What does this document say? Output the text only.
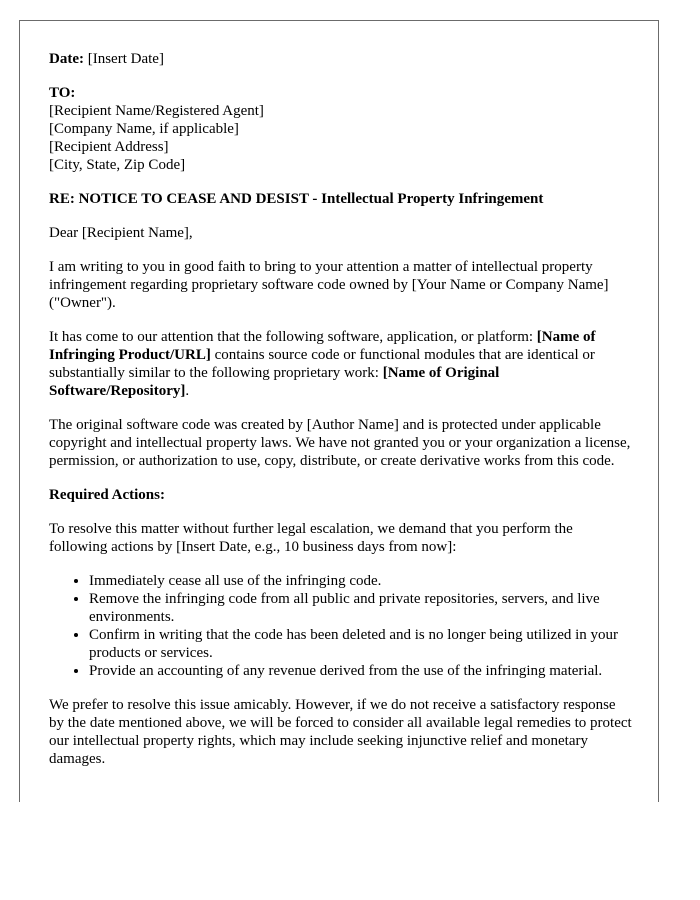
Date: [Insert Date]

TO:
[Recipient Name/Registered Agent]
[Company Name, if applicable]
[Recipient Address]
[City, State, Zip Code]

RE: NOTICE TO CEASE AND DESIST - Intellectual Property Infringement

Dear [Recipient Name],

I am writing to you in good faith to bring to your attention a matter of intellectual property infringement regarding proprietary software code owned by [Your Name or Company Name] ("Owner").

It has come to our attention that the following software, application, or platform: [Name of Infringing Product/URL] contains source code or functional modules that are identical or substantially similar to the following proprietary work: [Name of Original Software/Repository].

The original software code was created by [Author Name] and is protected under applicable copyright and intellectual property laws. We have not granted you or your organization a license, permission, or authorization to use, copy, distribute, or create derivative works from this code.

Required Actions:

To resolve this matter without further legal escalation, we demand that you perform the following actions by [Insert Date, e.g., 10 business days from now]:

• Immediately cease all use of the infringing code.
• Remove the infringing code from all public and private repositories, servers, and live environments.
• Confirm in writing that the code has been deleted and is no longer being utilized in your products or services.
• Provide an accounting of any revenue derived from the use of the infringing material.

We prefer to resolve this issue amicably. However, if we do not receive a satisfactory response by the date mentioned above, we will be forced to consider all available legal remedies to protect our intellectual property rights, which may include seeking injunctive relief and monetary damages.
